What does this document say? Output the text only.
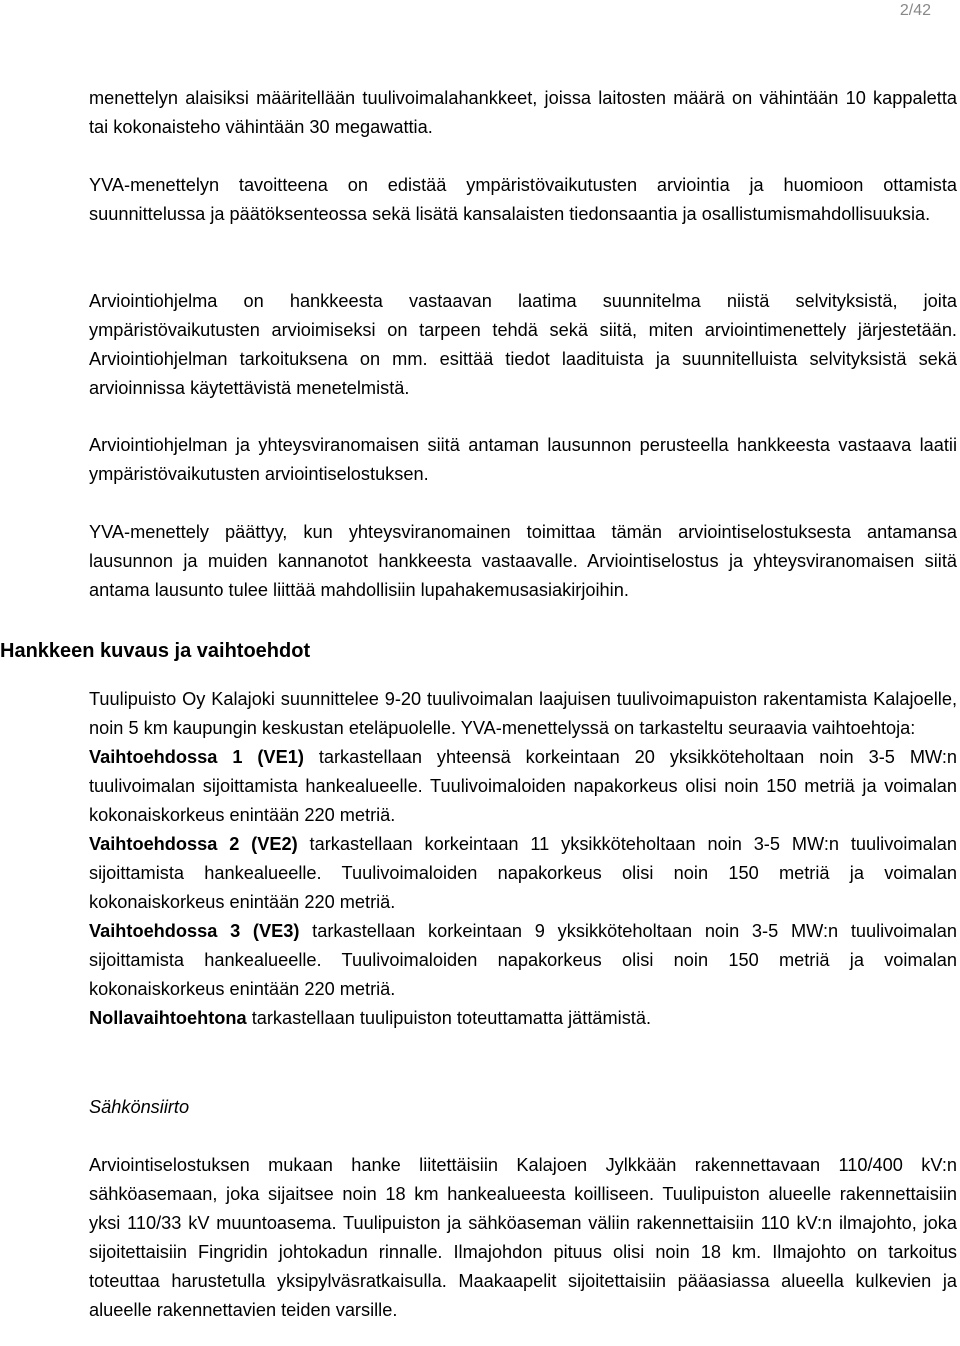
2/42

menettelyn alaisiksi määritellään tuulivoimalahankkeet, joissa laitosten määrä on vähintään 10 kappaletta tai kokonaisteho vähintään 30 megawattia.

YVA-menettelyn tavoitteena on edistää ympäristövaikutusten arviointia ja huomioon ottamista suunnittelussa ja päätöksenteossa sekä lisätä kansalaisten tiedonsaantia ja osallistumismahdollisuuksia.

Arviointiohjelma on hankkeesta vastaavan laatima suunnitelma niistä selvityksistä, joita ympäristövaikutusten arvioimiseksi on tarpeen tehdä sekä siitä, miten arviointimenettely järjestetään. Arviointiohjelman tarkoituksena on mm. esittää tiedot laadituista ja suunnitelluista selvityksistä sekä arvioinnissa käytettävistä menetelmistä.

Arviointiohjelman ja yhteysviranomaisen siitä antaman lausunnon perusteella hankkeesta vastaava laatii ympäristövaikutusten arviointiselostuksen.

YVA-menettely päättyy, kun yhteysviranomainen toimittaa tämän arviointiselostuksesta antamansa lausunnon ja muiden kannanotot hankkeesta vastaavalle. Arviointiselostus ja yhteysviranomaisen siitä antama lausunto tulee liittää mahdollisiin lupahakemusasiakirjoihin.

Hankkeen kuvaus ja vaihtoehdot
Tuulipuisto Oy Kalajoki suunnittelee 9-20 tuulivoimalan laajuisen tuulivoimapuiston rakentamista Kalajoelle, noin 5 km kaupungin keskustan eteläpuolelle. YVA-menettelyssä on tarkasteltu seuraavia vaihtoehtoja:
Vaihtoehdossa 1 (VE1) tarkastellaan yhteensä korkeintaan 20 yksikköteholtaan noin 3-5 MW:n tuulivoimalan sijoittamista hankealueelle. Tuulivoimaloiden napakorkeus olisi noin 150 metriä ja voimalan kokonaiskorkeus enintään 220 metriä.
Vaihtoehdossa 2 (VE2) tarkastellaan korkeintaan 11 yksikköteholtaan noin 3-5 MW:n tuulivoimalan sijoittamista hankealueelle. Tuulivoimaloiden napakorkeus olisi noin 150 metriä ja voimalan kokonaiskorkeus enintään 220 metriä.
Vaihtoehdossa 3 (VE3) tarkastellaan korkeintaan 9 yksikköteholtaan noin 3-5 MW:n tuulivoimalan sijoittamista hankealueelle. Tuulivoimaloiden napakorkeus olisi noin 150 metriä ja voimalan kokonaiskorkeus enintään 220 metriä.
Nollavaihtoehtona tarkastellaan tuulipuiston toteuttamatta jättämistä.

Sähkönsiirto

Arviointiselostuksen mukaan hanke liitettäisiin Kalajoen Jylkkään rakennettavaan 110/400 kV:n sähköasemaan, joka sijaitsee noin 18 km hankealueesta koilliseen. Tuulipuiston alueelle rakennettaisiin yksi 110/33 kV muuntoasema. Tuulipuiston ja sähköaseman väliin rakennettaisiin 110 kV:n ilmajohto, joka sijoitettaisiin Fingridin johtokadun rinnalle. Ilmajohdon pituus olisi noin 18 km. Ilmajohto on tarkoitus toteuttaa harustetulla yksipylväsratkaisulla. Maakaapelit sijoitettaisiin pääasiassa alueella kulkevien ja alueelle rakennettavien teiden varsille.
